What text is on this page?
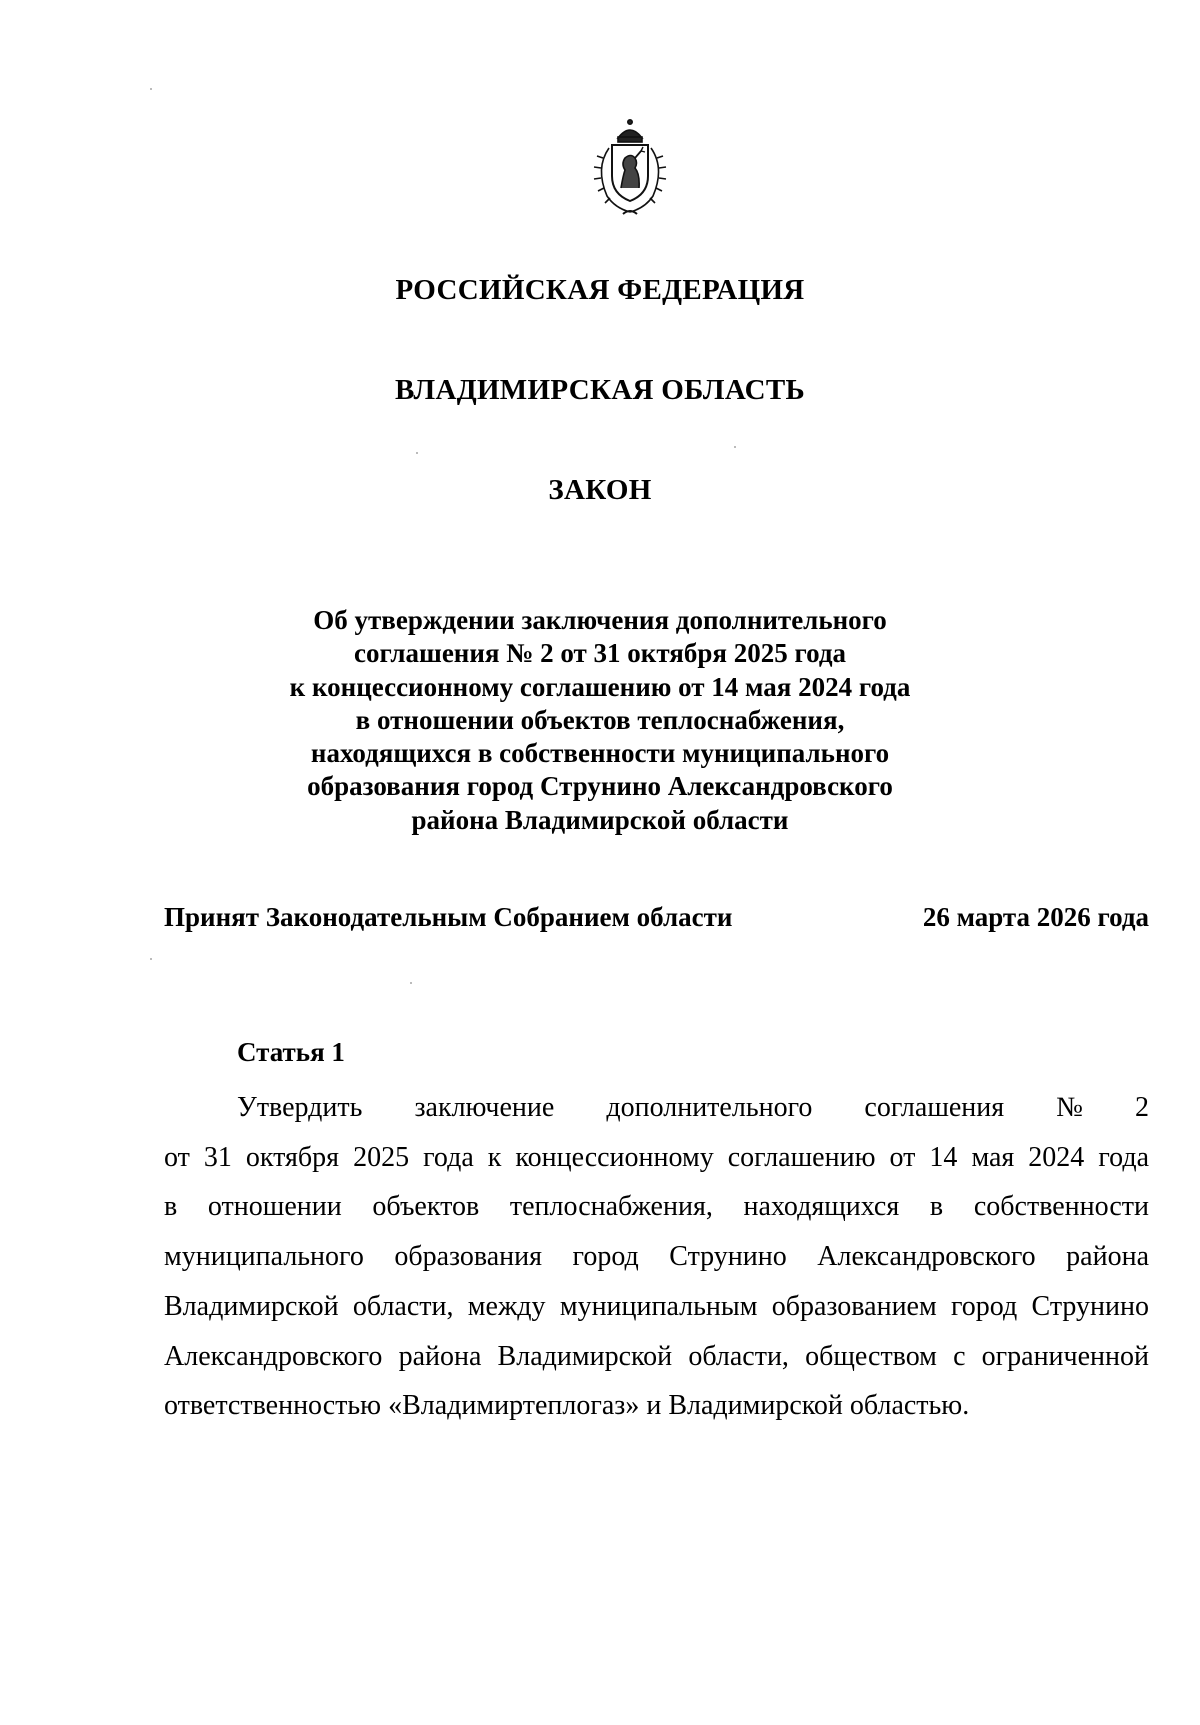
РОССИЙСКАЯ ФЕДЕРАЦИЯ
ВЛАДИМИРСКАЯ ОБЛАСТЬ
ЗАКОН
Об утверждении заключения дополнительного
соглашения № 2 от 31 октября 2025 года
к концессионному соглашению от 14 мая 2024 года
в отношении объектов теплоснабжения,
находящихся в собственности муниципального
образования город Струнино Александровского
района Владимирской области
Принят Законодательным Собранием области	26 марта 2026 года
Статья 1
Утвердить заключение дополнительного соглашения № 2
от 31 октября 2025 года к концессионному соглашению от 14 мая 2024 года
в отношении объектов теплоснабжения, находящихся в собственности
муниципального образования город Струнино Александровского района
Владимирской области, между муниципальным образованием город Струнино
Александровского района Владимирской области, обществом с ограниченной
ответственностью «Владимиртеплогаз» и Владимирской областью.
